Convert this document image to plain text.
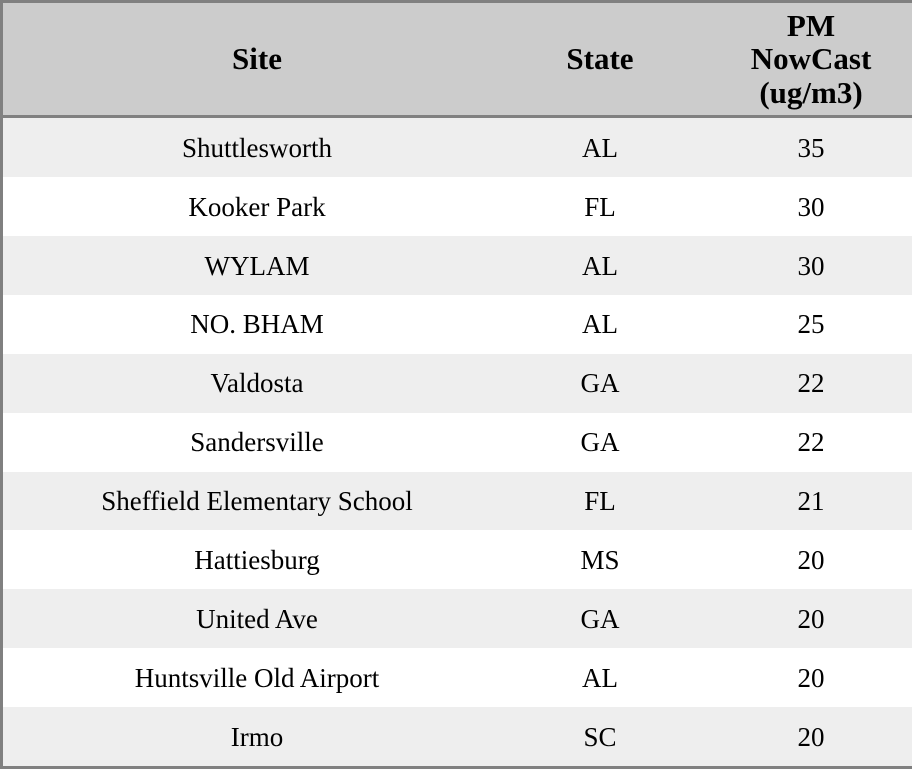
Site	State	PM
NowCast
(ug/m3)
Shuttlesworth	AL	35
Kooker Park	FL	30
WYLAM	AL	30
NO. BHAM	AL	25
Valdosta	GA	22
Sandersville	GA	22
Sheffield Elementary School	FL	21
Hattiesburg	MS	20
United Ave	GA	20
Huntsville Old Airport	AL	20
Irmo	SC	20
